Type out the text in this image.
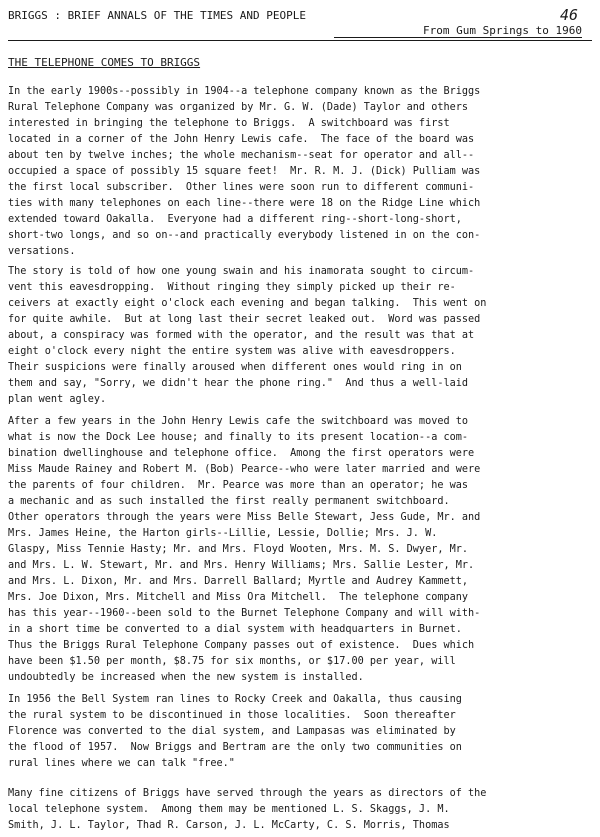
BRIGGS : BRIEF ANNALS OF THE TIMES AND PEOPLE	46
From Gum Springs to 1960
THE TELEPHONE COMES TO BRIGGS
In the early 1900s--possibly in 1904--a telephone company known as the Briggs
Rural Telephone Company was organized by Mr. G. W. (Dade) Taylor and others
interested in bringing the telephone to Briggs.  A switchboard was first
located in a corner of the John Henry Lewis cafe.  The face of the board was
about ten by twelve inches; the whole mechanism--seat for operator and all--
occupied a space of possibly 15 square feet!  Mr. R. M. J. (Dick) Pulliam was
the first local subscriber.  Other lines were soon run to different communi-
ties with many telephones on each line--there were 18 on the Ridge Line which
extended toward Oakalla.  Everyone had a different ring--short-long-short,
short-two longs, and so on--and practically everybody listened in on the con-
versations.
The story is told of how one young swain and his inamorata sought to circum-
vent this eavesdropping.  Without ringing they simply picked up their re-
ceivers at exactly eight o'clock each evening and began talking.  This went on
for quite awhile.  But at long last their secret leaked out.  Word was passed
about, a conspiracy was formed with the operator, and the result was that at
eight o'clock every night the entire system was alive with eavesdroppers.
Their suspicions were finally aroused when different ones would ring in on
them and say, "Sorry, we didn't hear the phone ring."  And thus a well-laid
plan went agley.
After a few years in the John Henry Lewis cafe the switchboard was moved to
what is now the Dock Lee house; and finally to its present location--a com-
bination dwellinghouse and telephone office.  Among the first operators were
Miss Maude Rainey and Robert M. (Bob) Pearce--who were later married and were
the parents of four children.  Mr. Pearce was more than an operator; he was
a mechanic and as such installed the first really permanent switchboard.
Other operators through the years were Miss Belle Stewart, Jess Gude, Mr. and
Mrs. James Heine, the Harton girls--Lillie, Lessie, Dollie; Mrs. J. W.
Glaspy, Miss Tennie Hasty; Mr. and Mrs. Floyd Wooten, Mrs. M. S. Dwyer, Mr.
and Mrs. L. W. Stewart, Mr. and Mrs. Henry Williams; Mrs. Sallie Lester, Mr.
and Mrs. L. Dixon, Mr. and Mrs. Darrell Ballard; Myrtle and Audrey Kammett,
Mrs. Joe Dixon, Mrs. Mitchell and Miss Ora Mitchell.  The telephone company
has this year--1960--been sold to the Burnet Telephone Company and will with-
in a short time be converted to a dial system with headquarters in Burnet.
Thus the Briggs Rural Telephone Company passes out of existence.  Dues which
have been $1.50 per month, $8.75 for six months, or $17.00 per year, will
undoubtedly be increased when the new system is installed.
In 1956 the Bell System ran lines to Rocky Creek and Oakalla, thus causing
the rural system to be discontinued in those localities.  Soon thereafter
Florence was converted to the dial system, and Lampasas was eliminated by
the flood of 1957.  Now Briggs and Bertram are the only two communities on
rural lines where we can talk "free."
Many fine citizens of Briggs have served through the years as directors of the
local telephone system.  Among them may be mentioned L. S. Skaggs, J. M.
Smith, J. L. Taylor, Thad R. Carson, J. L. McCarty, C. S. Morris, Thomas
